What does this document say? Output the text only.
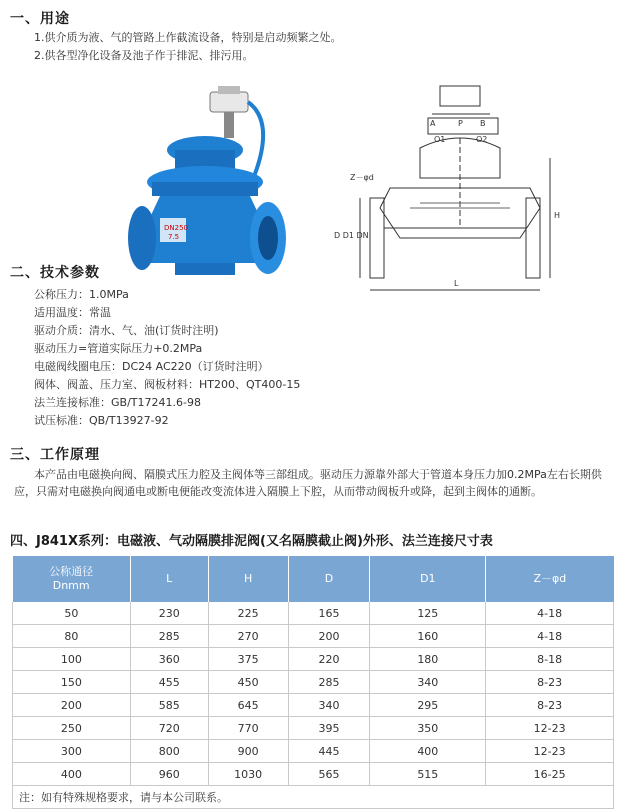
一、用途
1.供介质为液、气的管路上作截流设备，特别是启动频繁之处。
2.供各型净化设备及池子作于排泥、排污用。
DN250
7.5
A	P B
O1	O2
Z－φd
D D1 DN
H
L
二、技术参数
公称压力：1.0MPa
适用温度：常温
驱动介质：清水、气、油(订货时注明)
驱动压力=管道实际压力+0.2MPa
电磁阀线圈电压：DC24 AC220（订货时注明）
阀体、阀盖、压力室、阀板材料：HT200、QT400-15
法兰连接标准：GB/T17241.6-98
试压标准：QB/T13927-92
三、工作原理
本产品由电磁换向阀、隔膜式压力腔及主阀体等三部组成。驱动压力源靠外部大于管道本身压力加0.2MPa左右长期供应，只需对电磁换向阀通电或断电便能改变流体进入隔膜上下腔，从而带动阀板升或降，起到主阀体的通断。
四、J841X系列：电磁液、气动隔膜排泥阀(又名隔膜截止阀)外形、法兰连接尺寸表
公称通径
Dnmm	L	H	D	D1	Z－φd
50	230	225	165	125	4-18
80	285	270	200	160	4-18
100	360	375	220	180	8-18
150	455	450	285	340	8-23
200	585	645	340	295	8-23
250	720	770	395	350	12-23
300	800	900	445	400	12-23
400	960	1030	565	515	16-25
注：如有特殊规格要求，请与本公司联系。					
